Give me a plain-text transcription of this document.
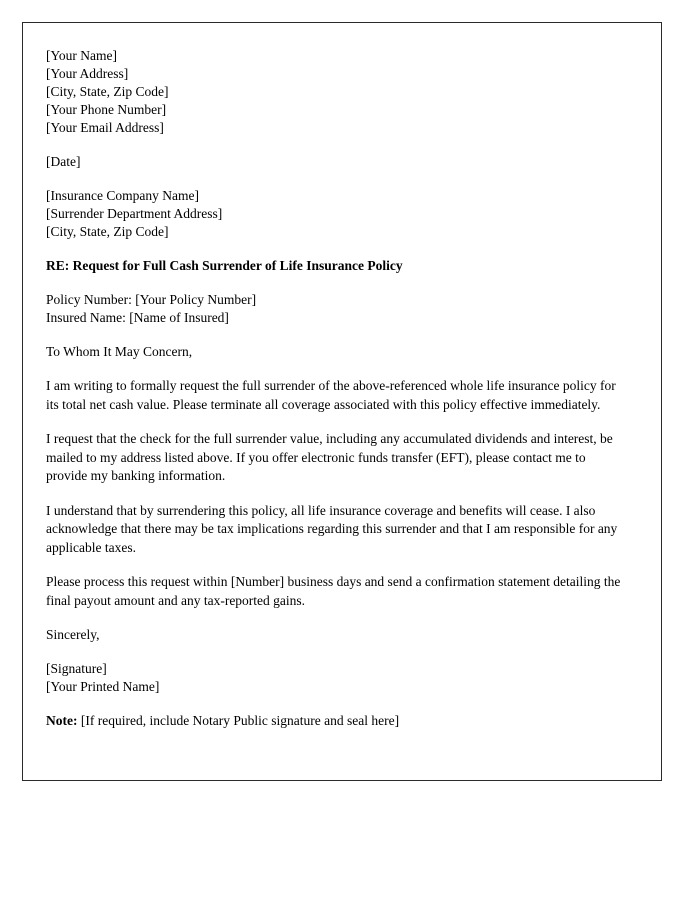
[Your Name]
[Your Address]
[City, State, Zip Code]
[Your Phone Number]
[Your Email Address]
[Date]
[Insurance Company Name]
[Surrender Department Address]
[City, State, Zip Code]
RE: Request for Full Cash Surrender of Life Insurance Policy
Policy Number: [Your Policy Number]
Insured Name: [Name of Insured]
To Whom It May Concern,

I am writing to formally request the full surrender of the above-referenced whole life insurance policy for its total net cash value. Please terminate all coverage associated with this policy effective immediately.

I request that the check for the full surrender value, including any accumulated dividends and interest, be mailed to my address listed above. If you offer electronic funds transfer (EFT), please contact me to provide my banking information.

I understand that by surrendering this policy, all life insurance coverage and benefits will cease. I also acknowledge that there may be tax implications regarding this surrender and that I am responsible for any applicable taxes.

Please process this request within [Number] business days and send a confirmation statement detailing the final payout amount and any tax-reported gains.

Sincerely,
[Signature]
[Your Printed Name]
Note: [If required, include Notary Public signature and seal here]
